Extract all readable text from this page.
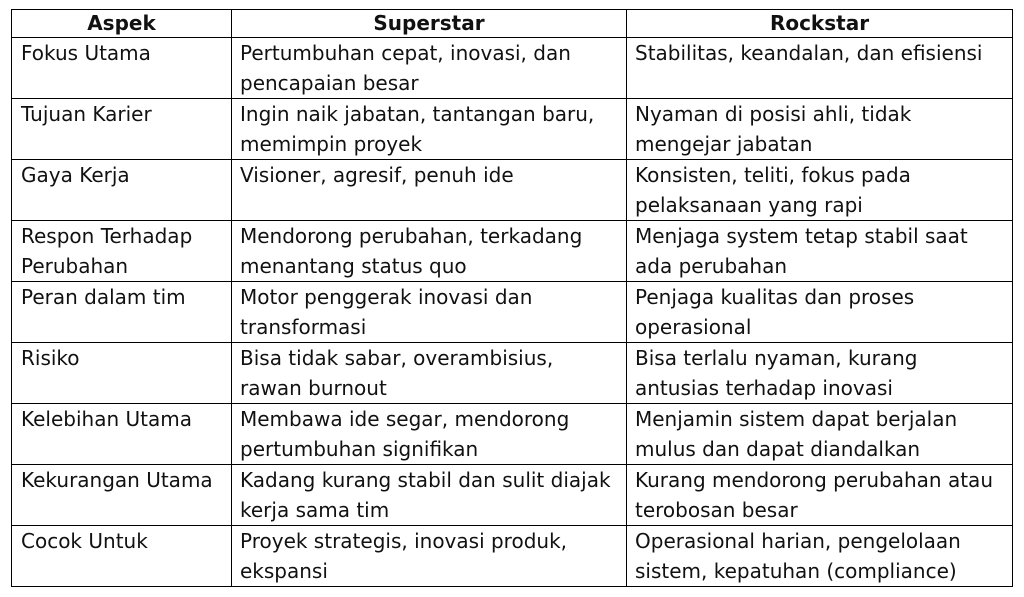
Aspek	Superstar	Rockstar
Fokus Utama	Pertumbuhan cepat, inovasi, dan pencapaian besar	Stabilitas, keandalan, dan efisiensi
Tujuan Karier	Ingin naik jabatan, tantangan baru, memimpin proyek	Nyaman di posisi ahli, tidak mengejar jabatan
Gaya Kerja	Visioner, agresif, penuh ide	Konsisten, teliti, fokus pada pelaksanaan yang rapi
Respon Terhadap Perubahan	Mendorong perubahan, terkadang menantang status quo	Menjaga system tetap stabil saat ada perubahan
Peran dalam tim	Motor penggerak inovasi dan transformasi	Penjaga kualitas dan proses operasional
Risiko	Bisa tidak sabar, overambisius, rawan burnout	Bisa terlalu nyaman, kurang antusias terhadap inovasi
Kelebihan Utama	Membawa ide segar, mendorong pertumbuhan signifikan	Menjamin sistem dapat berjalan mulus dan dapat diandalkan
Kekurangan Utama	Kadang kurang stabil dan sulit diajak kerja sama tim	Kurang mendorong perubahan atau terobosan besar
Cocok Untuk	Proyek strategis, inovasi produk, ekspansi	Operasional harian, pengelolaan sistem, kepatuhan (compliance)
